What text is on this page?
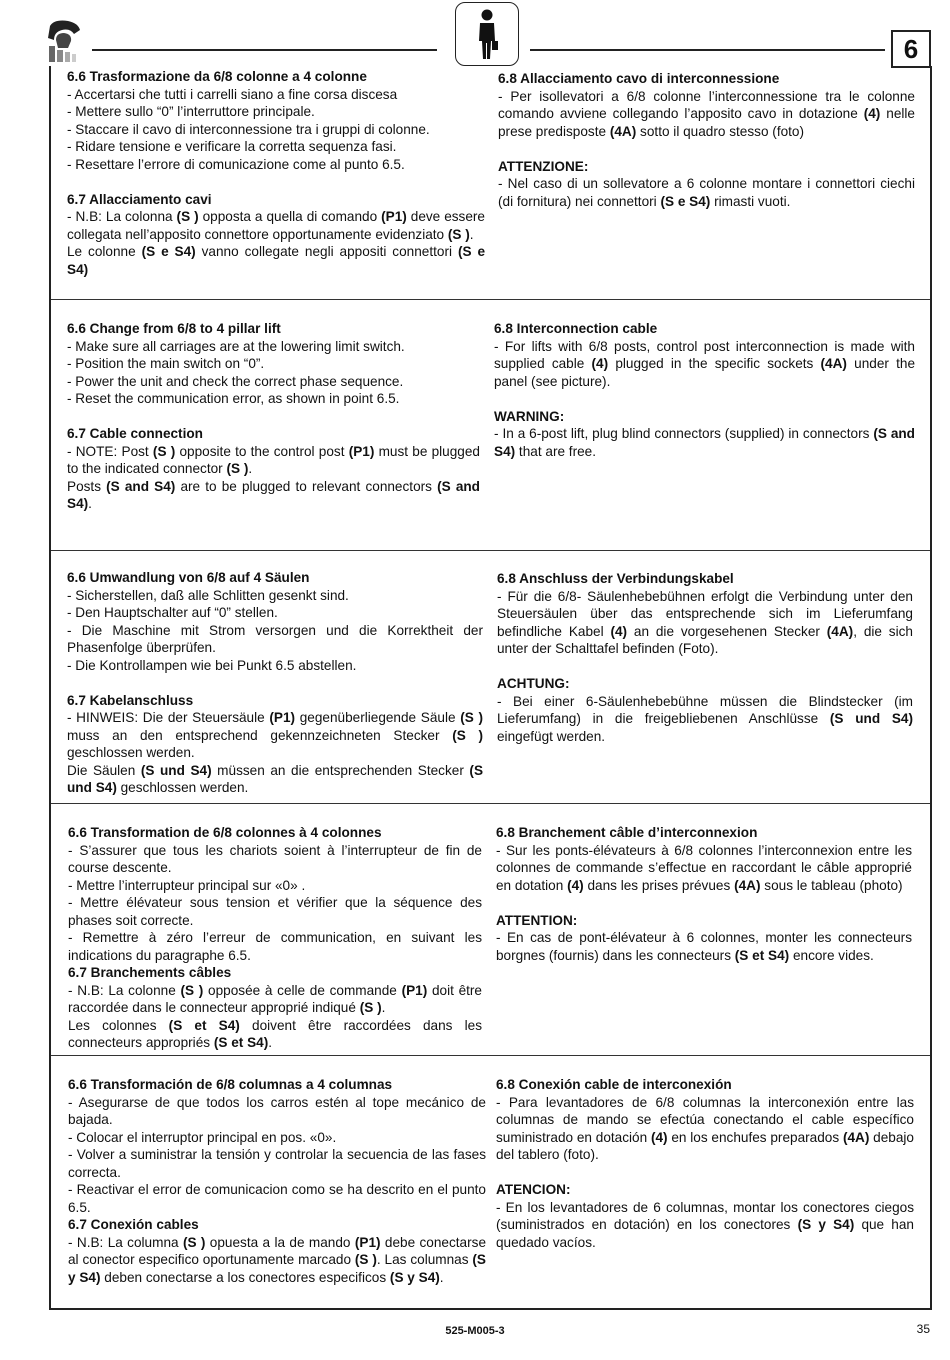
6

6.6 Trasformazione da 6/8 colonne a 4 colonne

- Accertarsi che tutti i carrelli siano a fine corsa discesa

- Mettere sullo “0” l’interruttore principale.

- Staccare il cavo di interconnessione tra i gruppi di colonne.

- Ridare tensione e verificare la corretta sequenza fasi.

- Resettare l’errore di comunicazione come al punto 6.5.

6.7 Allacciamento cavi

- N.B: La colonna (S ) opposta a quella di comando (P1) deve essere collegata nell’apposito connettore opportunamente evidenziato (S ).

Le colonne (S e S4) vanno collegate negli appositi connettori (S e S4)

6.8 Allacciamento cavo di interconnessione

- Per isollevatori a 6/8 colonne l’interconnessione tra le colonne comando avviene collegando l’apposito cavo in dotazione (4) nelle prese predisposte (4A) sotto il quadro stesso (foto)

ATTENZIONE:

- Nel caso di un sollevatore a 6 colonne montare i connettori ciechi (di fornitura) nei connettori (S e S4) rimasti vuoti.

6.6 Change from 6/8 to 4 pillar lift

- Make sure all carriages are at the lowering limit switch.

- Position the main switch on “0”.

- Power the unit and check the correct phase sequence.

- Reset the communication error, as shown in point 6.5.

6.7 Cable connection

- NOTE: Post (S ) opposite to the control post (P1) must be plugged to the indicated connector (S ).

Posts (S and S4) are to be plugged to relevant connectors (S and S4).

6.8 Interconnection cable

- For lifts with 6/8 posts, control post interconnection is made with supplied cable (4) plugged in the specific sockets (4A) under the panel (see picture).

WARNING:

- In a 6-post lift, plug blind connectors (supplied) in connectors (S and S4) that are free.

6.6 Umwandlung von 6/8 auf 4 Säulen

- Sicherstellen, daß alle Schlitten gesenkt sind.

- Den Hauptschalter auf “0” stellen.

- Die Maschine mit Strom versorgen und die Korrektheit der Phasenfolge überprüfen.

- Die Kontrollampen wie bei Punkt 6.5 abstellen.

6.7 Kabelanschluss

- HINWEIS: Die der Steuersäule (P1) gegenüberliegende Säule (S ) muss an den entsprechend gekennzeichneten Stecker (S ) geschlossen werden.

Die Säulen (S und S4) müssen an die entsprechenden Stecker (S und S4) geschlossen werden.

6.8 Anschluss der Verbindungskabel

- Für die 6/8- Säulenhebebühnen erfolgt die Verbindung unter den Steuersäulen über das entsprechende sich im Lieferumfang befindliche Kabel (4) an die vorgesehenen Stecker (4A), die sich unter der Schalttafel befinden (Foto).

ACHTUNG:

- Bei einer 6-Säulenhebebühne müssen die Blindstecker (im Lieferumfang) in die freigebliebenen Anschlüsse (S und S4) eingefügt werden.

6.6 Transformation de 6/8 colonnes à 4 colonnes

- S’assurer que tous les chariots soient à l’interrupteur de fin de course descente.

- Mettre l’interrupteur principal sur «0» .

- Mettre élévateur sous tension et vérifier que la séquence des phases soit correcte.

- Remettre à zéro l’erreur de communication, en suivant les indications du paragraphe 6.5.

6.7 Branchements câbles

- N.B: La colonne (S ) opposée à celle de commande (P1) doit être raccordée dans le connecteur approprié indiqué (S ).

Les colonnes (S et S4) doivent être raccordées dans les connecteurs appropriés (S et S4).

6.8 Branchement câble d’interconnexion

- Sur les ponts-élévateurs à 6/8 colonnes l’interconnexion entre les colonnes de commande s’effectue en raccordant le câble approprié en dotation (4) dans les prises prévues (4A) sous le tableau (photo)

ATTENTION:

- En cas de pont-élévateur à 6 colonnes, monter les connecteurs borgnes (fournis) dans les connecteurs (S et S4) encore vides.

6.6 Transformación de 6/8 columnas a 4 columnas

- Asegurarse de que todos los carros estén al tope mecánico de bajada.

- Colocar el interruptor principal en pos. «0».

- Volver a suministrar la tensión y controlar la secuencia de las fases correcta.

- Reactivar el error de comunicacion como se ha descrito en el punto 6.5.

6.7 Conexión cables

- N.B: La columna (S ) opuesta a la de mando (P1) debe conectarse al conector especifico oportunamente marcado (S ). Las columnas (S y S4) deben conectarse a los conectores especificos (S y S4).

6.8 Conexión cable de interconexión

- Para levantadores de 6/8 columnas la interconexión entre las columnas de mando se efectúa conectando el cable específico suministrado en dotación (4) en los enchufes preparados (4A) debajo del tablero (foto).

ATENCION:

- En los levantadores de 6 columnas, montar los conectores ciegos (suministrados en dotación) en los conectores (S y S4) que han quedado vacíos.

525-M005-3	35
